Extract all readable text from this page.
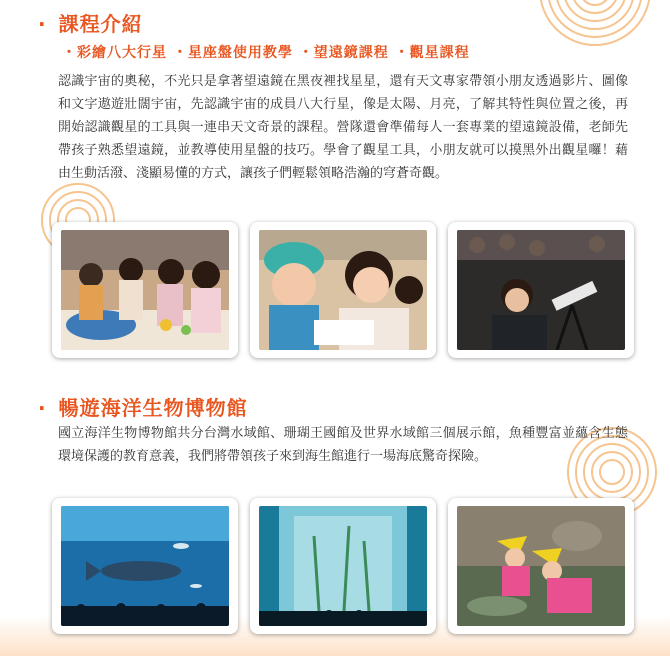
· 課程介紹
・彩繪八大行星 ・星座盤使用教學 ・望遠鏡課程 ・觀星課程
認識宇宙的奧秘，不光只是拿著望遠鏡在黑夜裡找星星，還有天文專家帶領小朋友透過影片、圖像和文字遨遊壯闊宇宙，先認識宇宙的成員八大行星，像是太陽、月亮，了解其特性與位置之後，再開始認識觀星的工具與一連串天文奇景的課程。營隊還會準備每人一套專業的望遠鏡設備，老師先帶孩子熟悉望遠鏡，並教導使用星盤的技巧。學會了觀星工具，小朋友就可以摸黑外出觀星囉！藉由生動活潑、淺顯易懂的方式，讓孩子們輕鬆領略浩瀚的穹蒼奇觀。
· 暢遊海洋生物博物館
國立海洋生物博物館共分台灣水域館、珊瑚王國館及世界水域館三個展示館，魚種豐富並蘊含生態環境保護的教育意義，我們將帶領孩子來到海生館進行一場海底驚奇探險。
